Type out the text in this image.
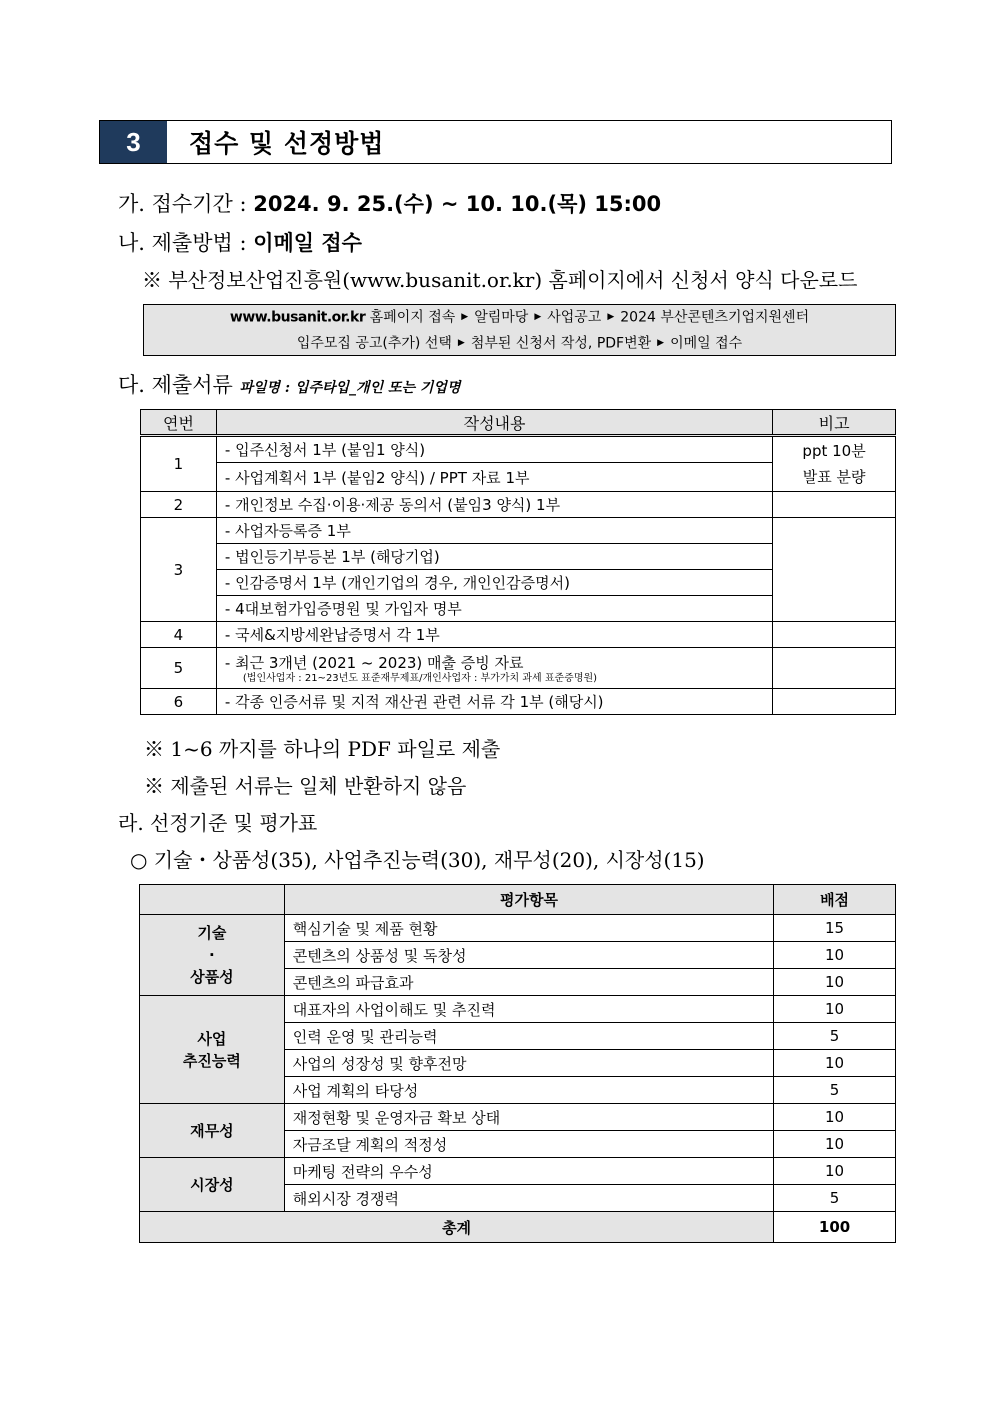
3	접수 및 선정방법
가. 접수기간 : 2024. 9. 25.(수) ~ 10. 10.(목) 15:00
나. 제출방법 : 이메일 접수
※ 부산정보산업진흥원(www.busanit.or.kr) 홈페이지에서 신청서 양식 다운로드
www.busanit.or.kr 홈페이지 접속 ▶ 알림마당 ▶ 사업공고 ▶ 2024 부산콘텐츠기업지원센터
입주모집 공고(추가) 선택 ▶ 첨부된 신청서 작성, PDF변환 ▶ 이메일 접수
다. 제출서류 파일명 : 입주타입_개인 또는 기업명
연번	작성내용	비고
1	- 입주신청서 1부 (붙임1 양식)	ppt 10분
발표 분량

	- 사업계획서 1부 (붙임2 양식) / PPT 자료 1부	
2	- 개인정보 수집·이용·제공 동의서 (붙임3 양식) 1부	
3	- 사업자등록증 1부	
	- 법인등기부등본 1부 (해당기업)	
	- 인감증명서 1부 (개인기업의 경우, 개인인감증명서)	
	- 4대보험가입증명원 및 가입자 명부	
4	- 국세&지방세완납증명서 각 1부	
5	- 최근 3개년 (2021 ~ 2023) 매출 증빙 자료
(법인사업자 : 21~23년도 표준재무제표/개인사업자 : 부가가치 과세 표준증명원)	

6	- 각종 인증서류 및 지적 재산권 관련 서류 각 1부 (해당시)	
※ 1~6 까지를 하나의 PDF 파일로 제출
※ 제출된 서류는 일체 반환하지 않음
라. 선정기준 및 평가표
○ 기술・상품성(35), 사업추진능력(30), 재무성(20), 시장성(15)
	평가항목	배점

기술
·
상품성	핵심기술 및 제품 현황	15
	콘텐츠의 상품성 및 독창성	10
	콘텐츠의 파급효과	10

사업
추진능력	대표자의 사업이해도 및 추진력	10
	인력 운영 및 관리능력	5
	사업의 성장성 및 향후전망	10
	사업 계획의 타당성	5

재무성	재정현황 및 운영자금 확보 상태	10
	자금조달 계획의 적정성	10

시장성	마케팅 전략의 우수성	10
	해외시장 경쟁력	5
총계		100
